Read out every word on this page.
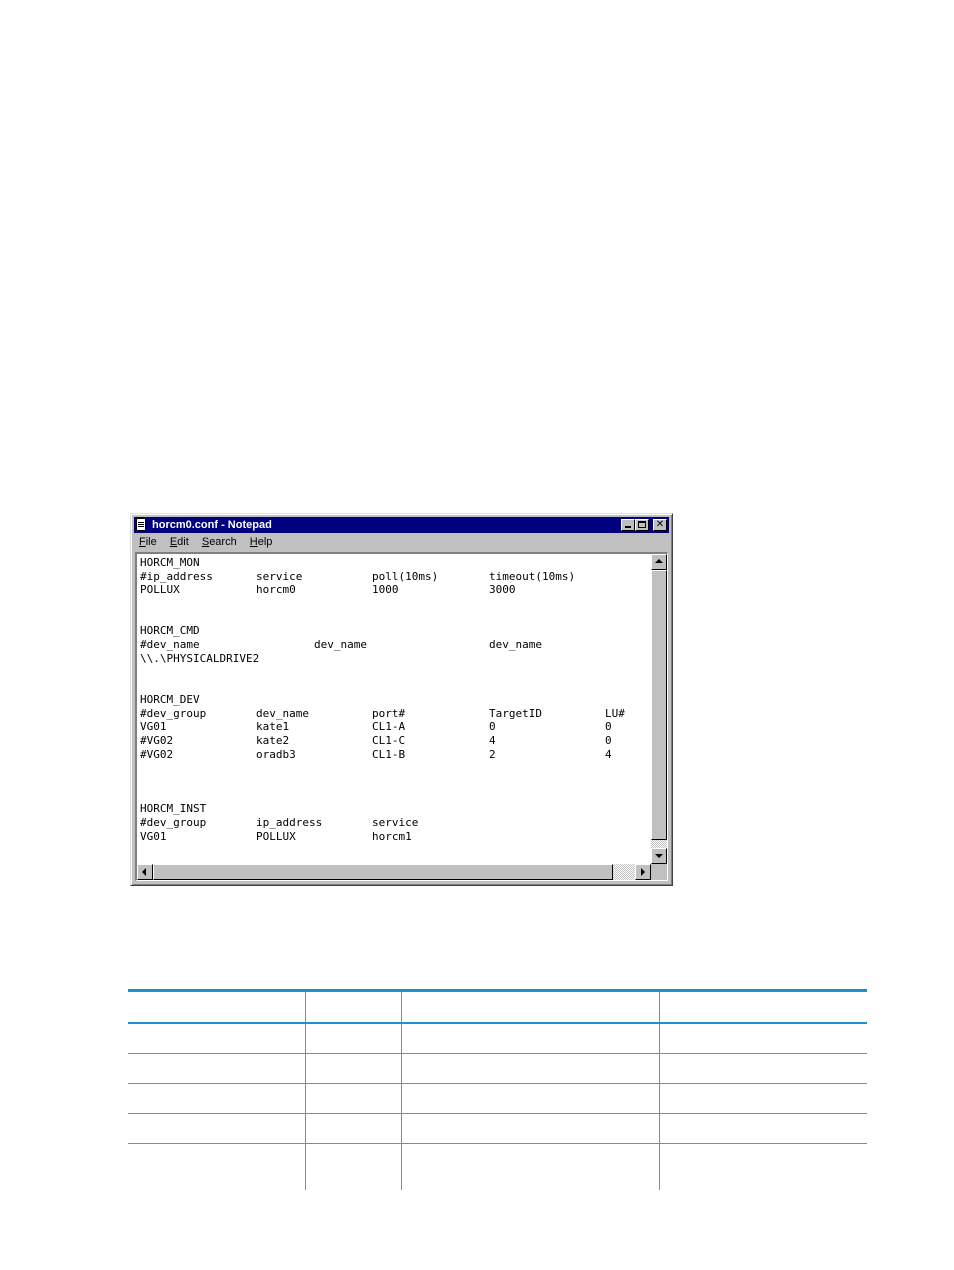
horcm0.conf - Notepad	✕
File Edit Search Help
HORCM_MON
#ip_address	service	poll(10ms)	timeout(10ms)
POLLUX	horcm0	1000	3000
HORCM_CMD
#dev_name	dev_name	dev_name
\\.\PHYSICALDRIVE2
HORCM_DEV
#dev_group	dev_name	port#	TargetID	LU#
VG01	kate1	CL1-A	0	0
#VG02	kate2	CL1-C	4	0
#VG02	oradb3	CL1-B	2	4
HORCM_INST
#dev_group	ip_address	service
VG01	POLLUX	horcm1
